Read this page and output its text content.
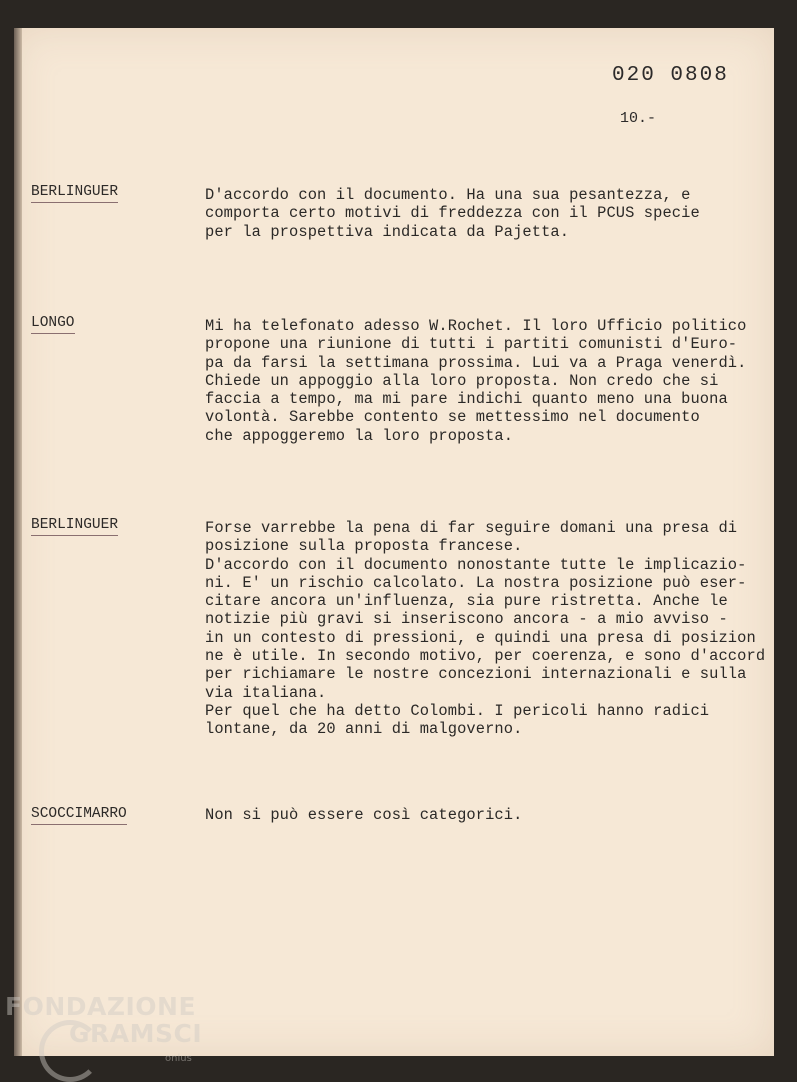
020 0808
10.-
BERLINGUER	D'accordo con il documento. Ha una sua pesantezza, e
comporta certo motivi di freddezza con il PCUS specie
per la prospettiva indicata da Pajetta.
LONGO	Mi ha telefonato adesso W.Rochet. Il loro Ufficio politico
propone una riunione di tutti i partiti comunisti d'Euro-
pa da farsi la settimana prossima. Lui va a Praga venerdì.
Chiede un appoggio alla loro proposta. Non credo che si
faccia a tempo, ma mi pare indichi quanto meno una buona
volontà. Sarebbe contento se mettessimo nel documento
che appoggeremo la loro proposta.
BERLINGUER	Forse varrebbe la pena di far seguire domani una presa di
posizione sulla proposta francese.
D'accordo con il documento nonostante tutte le implicazio-
ni. E' un rischio calcolato. La nostra posizione può eser-
citare ancora un'influenza, sia pure ristretta. Anche le
notizie più gravi si inseriscono ancora - a mio avviso -
in un contesto di pressioni, e quindi una presa di posizion
ne è utile. In secondo motivo, per coerenza, e sono d'accord
per richiamare le nostre concezioni internazionali e sulla
via italiana.
Per quel che ha detto Colombi. I pericoli hanno radici
lontane, da 20 anni di malgoverno.
SCOCCIMARRO	Non si può essere così categorici.
FONDAZIONE
GRAMSCI
onlus
